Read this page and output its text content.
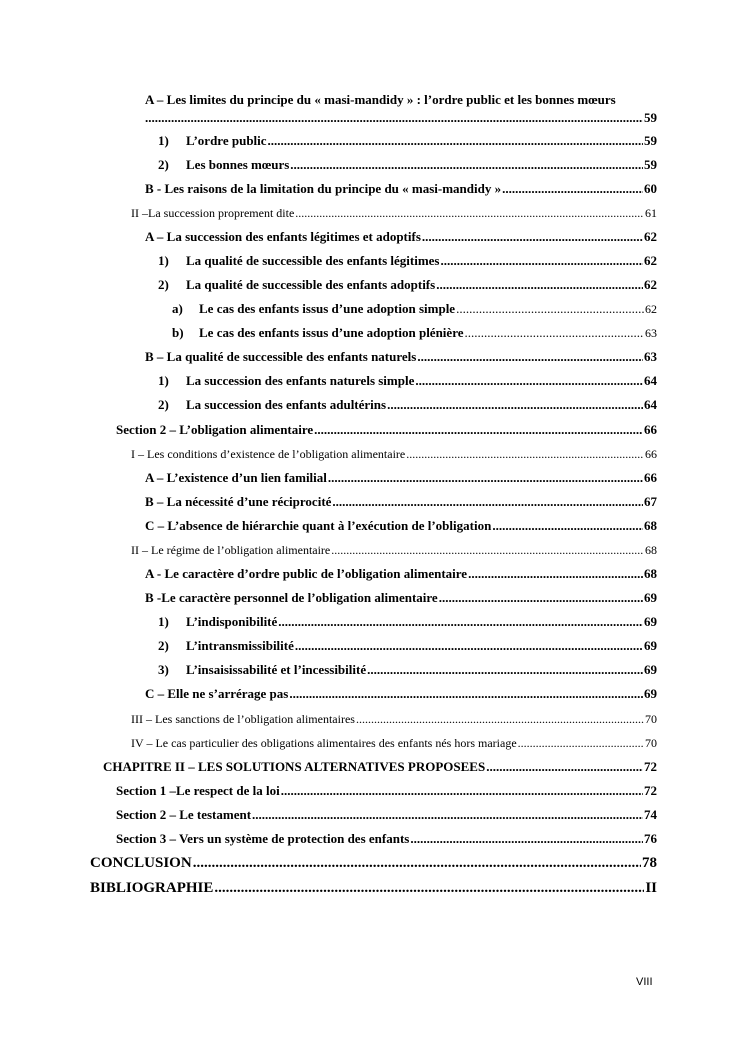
A – Les limites du principe du « masi-mandidy » : l’ordre public et les bonnes mœurs
.....
59
1)	L’ordre public .....	59
2)	Les bonnes mœurs .....	59
B - Les raisons de la limitation du principe du « masi-mandidy » .....	60
II –La succession proprement dite .....	61
A – La succession des enfants légitimes et adoptifs .....	62
1)	La qualité de successible des enfants légitimes .....	62
2)	La qualité de successible des enfants adoptifs .....	62
a)	Le cas des enfants issus d’une adoption simple .....	62
b)	Le cas des enfants issus d’une adoption plénière .....	63
B – La qualité de successible des enfants naturels .....	63
1)	La succession des enfants naturels simple .....	64
2)	La succession des enfants adultérins .....	64
Section 2 – L’obligation alimentaire .....	66
I – Les conditions d’existence de l’obligation alimentaire .....	66
A – L’existence d’un lien familial .....	66
B – La nécessité d’une réciprocité .....	67
C – L’absence de hiérarchie quant à l’exécution de l’obligation .....	68
II – Le régime de l’obligation alimentaire .....	68
A - Le caractère d’ordre public de l’obligation alimentaire .....	68
B -Le caractère personnel de l’obligation alimentaire .....	69
1)	L’indisponibilité .....	69
2)	L’intransmissibilité .....	69
3)	L’insaisissabilité et l’incessibilité .....	69
C – Elle ne s’arrérage pas .....	69
III – Les sanctions de l’obligation alimentaires .....	70
IV – Le cas particulier des obligations alimentaires des enfants nés hors mariage .....	70
CHAPITRE II – LES SOLUTIONS ALTERNATIVES PROPOSEES .....	72
Section 1 –Le respect de la loi .....	72
Section 2 – Le testament .....	74
Section 3 – Vers un système de protection des enfants .....	76
CONCLUSION .....	78
BIBLIOGRAPHIE .....	II
VIII
